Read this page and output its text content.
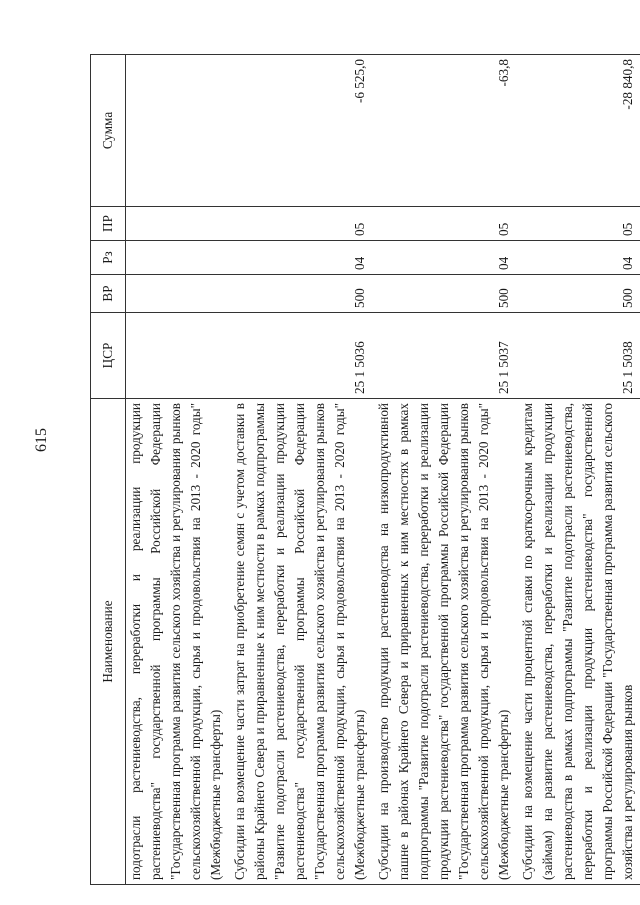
615
Наименование	ЦСР	ВР	Рз	ПР	Сумма
подотрасли растениеводства, переработки и реализации продукции растениеводства" государственной программы Российской Федерации "Государственная программа развития сельского хозяйства и регулирования рынков сельскохозяйственной продукции, сырья и продовольствия на 2013 - 2020 годы" (Межбюджетные трансферты)					
Субсидии на возмещение части затрат на приобретение семян с учетом доставки в районы Крайнего Севера и приравненные к ним местности в рамках подпрограммы "Развитие подотрасли растениеводства, переработки и реализации продукции растениеводства" государственной программы Российской Федерации "Государственная программа развития сельского хозяйства и регулирования рынков сельскохозяйственной продукции, сырья и продовольствия на 2013 - 2020 годы" (Межбюджетные трансферты)	25 1 5036	500	04	05	-6 525,0
Субсидии на производство продукции растениеводства на низкопродуктивной пашне в районах Крайнего Севера и приравненных к ним местностях в рамках подпрограммы "Развитие подотрасли растениеводства, переработки и реализации продукции растениеводства" государственной программы Российской Федерации "Государственная программа развития сельского хозяйства и регулирования рынков сельскохозяйственной продукции, сырья и продовольствия на 2013 - 2020 годы" (Межбюджетные трансферты)	25 1 5037	500	04	05	-63,8
Субсидии на возмещение части процентной ставки по краткосрочным кредитам (займам) на развитие растениеводства, переработки и реализации продукции растениеводства в рамках подпрограммы "Развитие подотрасли растениеводства, переработки и реализации продукции растениеводства" государственной программы Российской Федерации "Государственная программа развития сельского хозяйства и регулирования рынков	25 1 5038	500	04	05	-28 840,8
